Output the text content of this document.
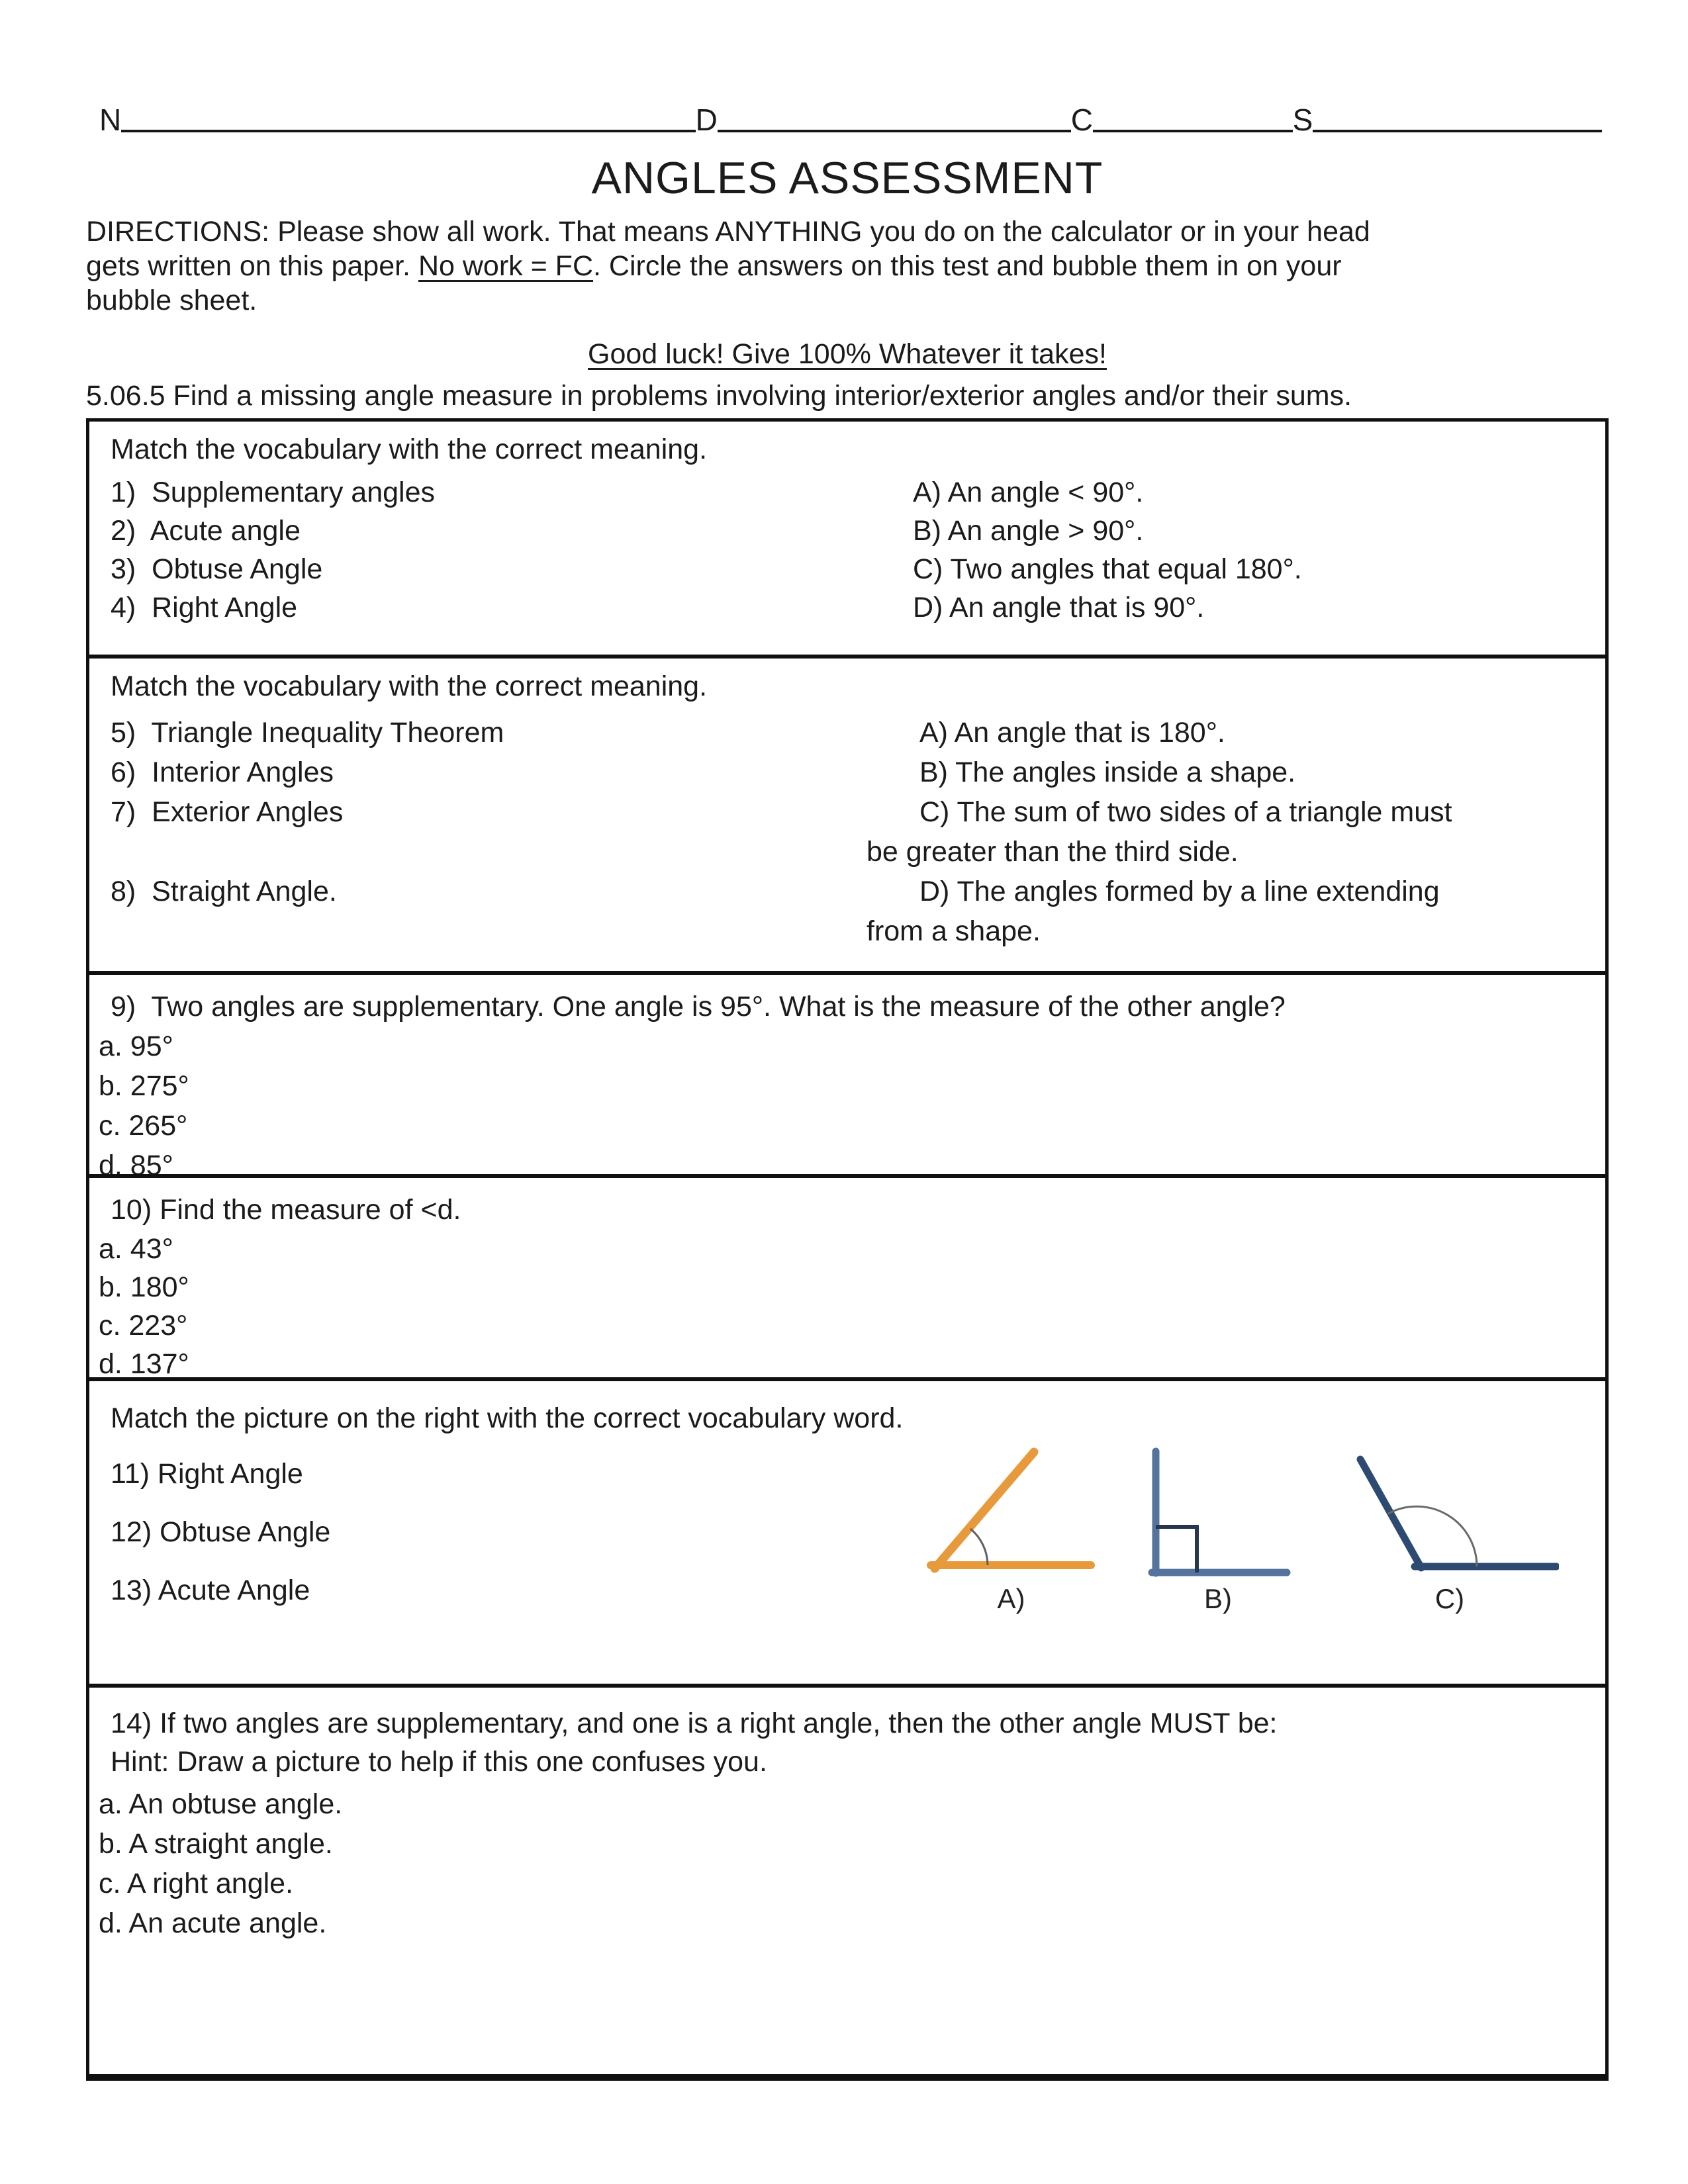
N	D	C	S
ANGLES ASSESSMENT
DIRECTIONS: Please show all work. That means ANYTHING you do on the calculator or in your head
gets written on this paper. No work = FC. Circle the answers on this test and bubble them in on your
bubble sheet.
Good luck! Give 100% Whatever it takes!
5.06.5 Find a missing angle measure in problems involving interior/exterior angles and/or their sums.
Match the vocabulary with the correct meaning.
1)  Supplementary angles	A) An angle < 90°.
2)  Acute angle	B) An angle > 90°.
3)  Obtuse Angle	C) Two angles that equal 180°.
4)  Right Angle	D) An angle that is 90°.
Match the vocabulary with the correct meaning.
5)  Triangle Inequality Theorem	A) An angle that is 180°.
6)  Interior Angles	B) The angles inside a shape.
7)  Exterior Angles	C) The sum of two sides of a triangle must
be greater than the third side.
8)  Straight Angle.	D) The angles formed by a line extending
from a shape.
9)  Two angles are supplementary. One angle is 95°. What is the measure of the other angle?
a. 95°
b. 275°
c. 265°
d. 85°
10) Find the measure of <d.
a. 43°
b. 180°
c. 223°
d. 137°
Match the picture on the right with the correct vocabulary word.
11) Right Angle
12) Obtuse Angle
13) Acute Angle	A)	B)	C)
14) If two angles are supplementary, and one is a right angle, then the other angle MUST be:
Hint: Draw a picture to help if this one confuses you.
a. An obtuse angle.
b. A straight angle.
c. A right angle.
d. An acute angle.
